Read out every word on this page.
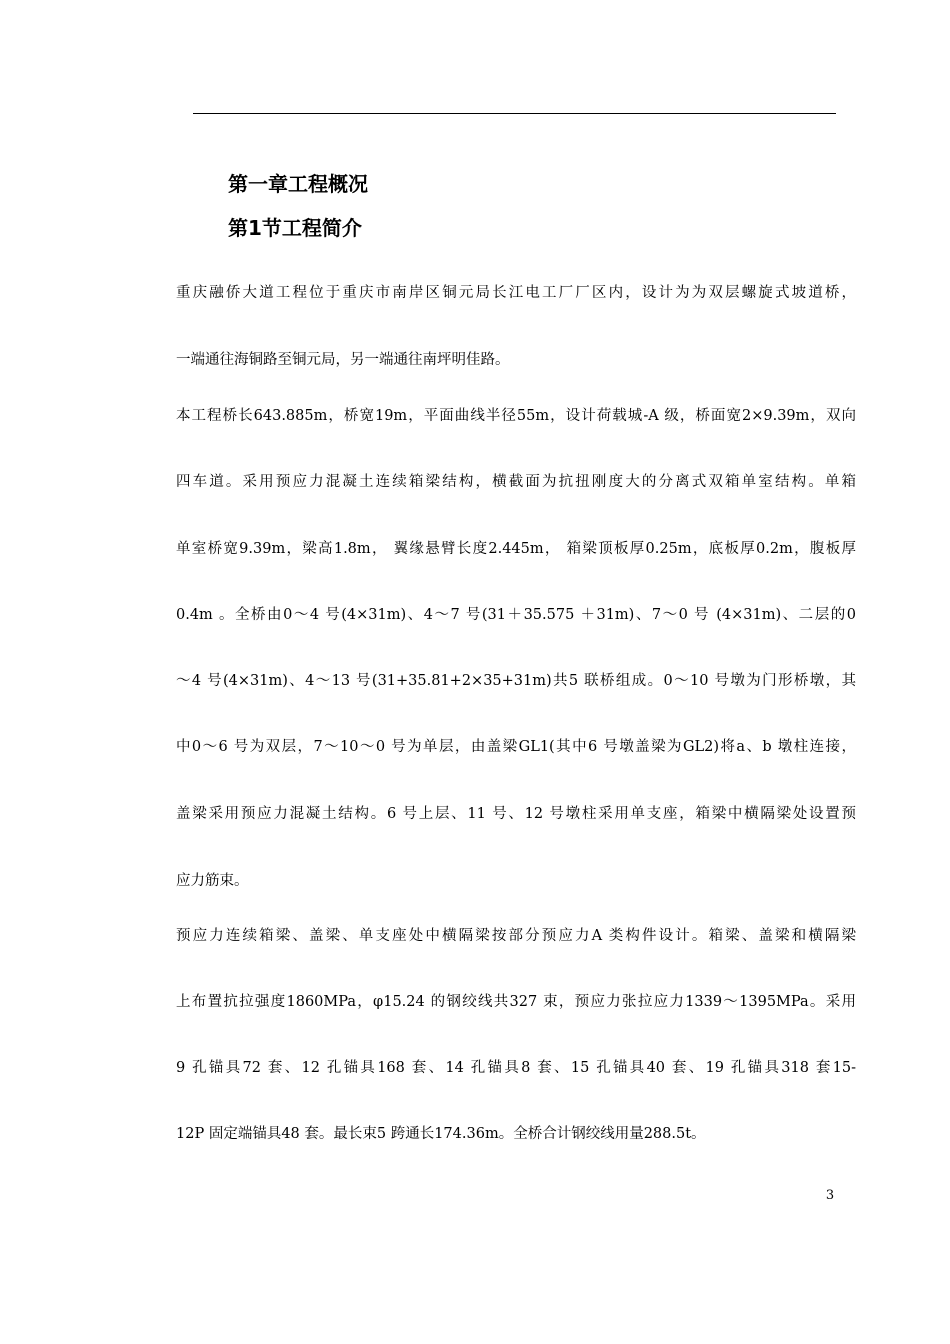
第一章工程概况
第1节工程简介

重庆融侨大道工程位于重庆市南岸区铜元局长江电工厂厂区内，设计为为双层螺旋式坡道桥，

一端通往海铜路至铜元局，另一端通往南坪明佳路。

本工程桥长643.885m，桥宽19m，平面曲线半径55m，设计荷载城-A 级，桥面宽2×9.39m，双向

四车道。采用预应力混凝土连续箱梁结构，横截面为抗扭刚度大的分离式双箱单室结构。单箱

单室桥宽9.39m，梁高1.8m， 翼缘悬臂长度2.445m， 箱梁顶板厚0.25m，底板厚0.2m，腹板厚

0.4m 。全桥由0～4 号(4×31m)、4～7 号(31＋35.575 ＋31m)、7～0 号 (4×31m)、二层的0

～4 号(4×31m)、4～13 号(31+35.81+2×35+31m)共5 联桥组成。0～10 号墩为门形桥墩，其

中0～6 号为双层，7～10～0 号为单层，由盖梁GL1(其中6 号墩盖梁为GL2)将a、b 墩柱连接，

盖梁采用预应力混凝土结构。6 号上层、11 号、12 号墩柱采用单支座，箱梁中横隔梁处设置预

应力筋束。

预应力连续箱梁、盖梁、单支座处中横隔梁按部分预应力A 类构件设计。箱梁、盖梁和横隔梁

上布置抗拉强度1860MPa，φ15.24 的钢绞线共327 束，预应力张拉应力1339～1395MPa。采用

9 孔锚具72 套、12 孔锚具168 套、14 孔锚具8 套、15 孔锚具40 套、19 孔锚具318 套15-

12P 固定端锚具48 套。最长束5 跨通长174.36m。全桥合计钢绞线用量288.5t。

3
